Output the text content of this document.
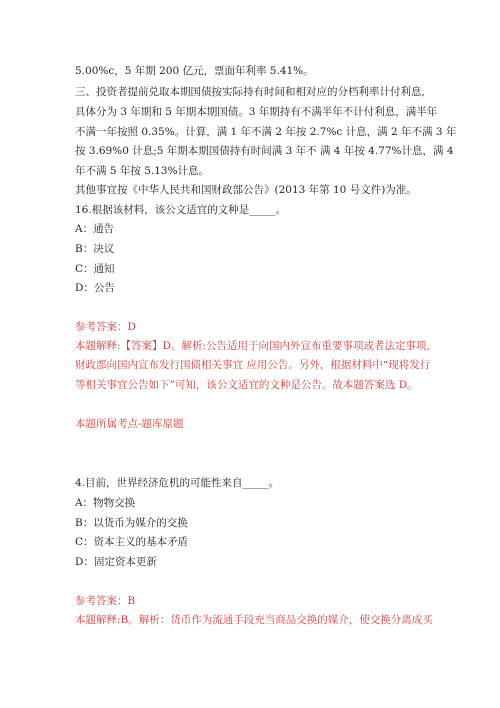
5.00%c，5 年期 200 亿元，票面年利率 5.41%。
三、投资者提前兑取本期国债按实际持有时间和相对应的分档利率计付利息,
具体分为 3 年期和 5 年期本期国债。3 年期持有不满半年不计付利息，满半年
不满一年按照 0.35%。计算，满 1 年不满 2 年按 2.7%c 计息，满 2 年不满 3 年
按 3.69%0 计息;5 年期本期国债持有时间满 3 年不 满 4 年按 4.77%计息，满 4
年不满 5 年按 5.13%计息。
其他事宜按《中华人民共和国财政部公告》(2013 年第 10 号文件)为准。
16.根据该材料，该公文适宜的文种是_____。
A：通告
B：决议
C：通知
D：公告
参考答案：D
本题解释:【答案】D。解析:公告适用于向国内外宣布重要事项或者法定事项,
财政部向国内宣布发行国债相关事宜 应用公告。另外，根据材料中“现将发行
等相关事宜公告如下”可知，该公文适宜的文种是公告。故本题答案选 D。
本题所属考点-题库原题
4.目前，世界经济危机的可能性来自_____。
A：物物交换
B：以货币为媒介的交换
C：资本主义的基本矛盾
D：固定资本更新
参考答案：B
本题解释:B。解析：货币作为流通手段充当商品交换的媒介，使交换分离成买
